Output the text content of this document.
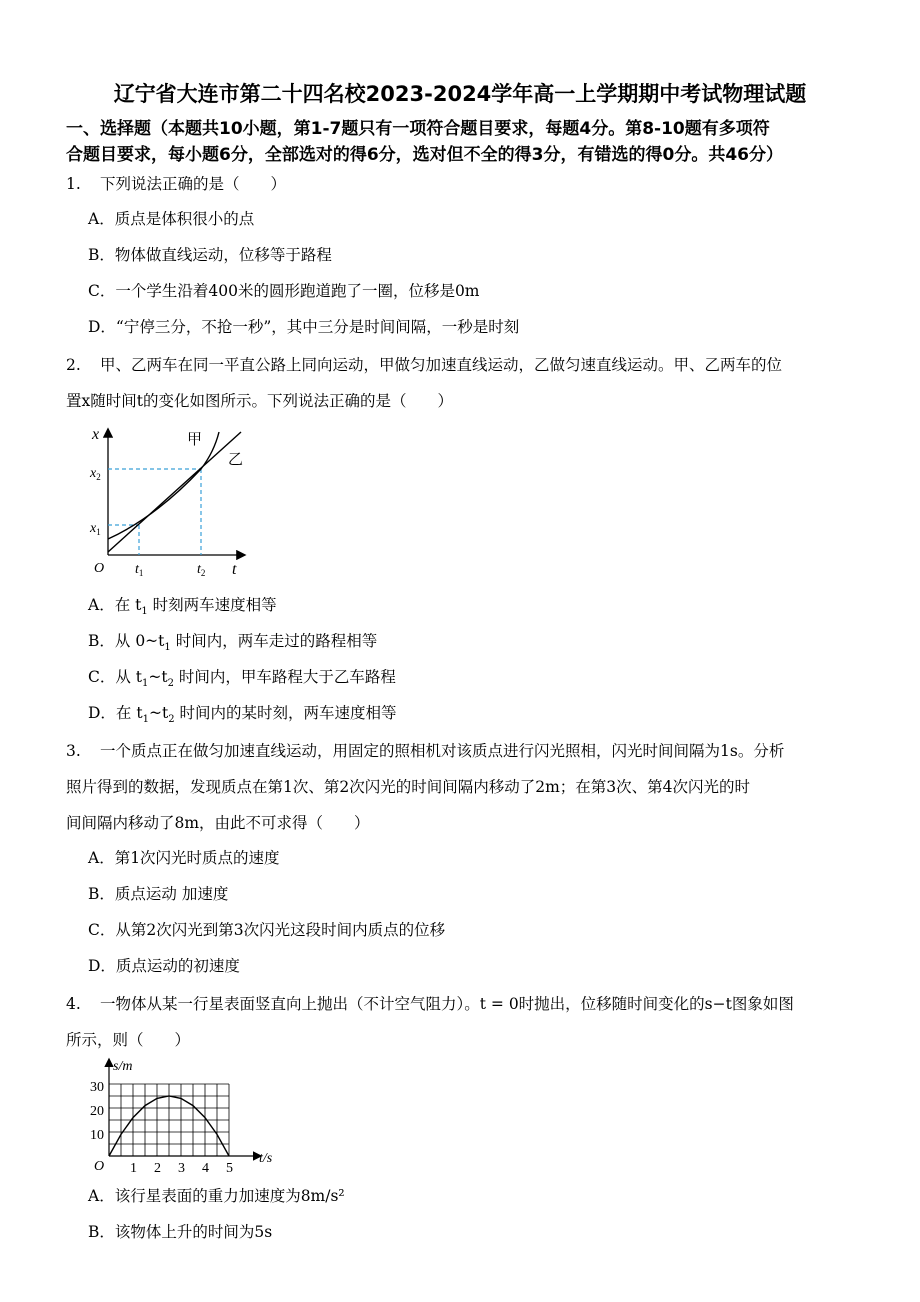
辽宁省大连市第二十四名校2023-2024学年高一上学期期中考试物理试题
一、选择题（本题共10小题，第1-7题只有一项符合题目要求，每题4分。第8-10题有多项符
合题目要求，每小题6分，全部选对的得6分，选对但不全的得3分，有错选的得0分。共46分）
1. 下列说法正确的是（　　）
A．质点是体积很小的点
B．物体做直线运动，位移等于路程
C．一个学生沿着400米的圆形跑道跑了一圈，位移是0m
D．“宁停三分，不抢一秒”，其中三分是时间间隔，一秒是时刻
2. 甲、乙两车在同一平直公路上同向运动，甲做匀加速直线运动，乙做匀速直线运动。甲、乙两车的位
置x随时间t的变化如图所示。下列说法正确的是（　　）
x
t
O
$x_2$
$x_1$
$t_1$	$t_2$
甲
乙
A．在 $t_1$ 时刻两车速度相等
B．从 $0\sim t_1$ 时间内，两车走过的路程相等
C．从 $t_1\sim t_2$ 时间内，甲车路程大于乙车路程
D．在 $t_1\sim t_2$ 时间内的某时刻，两车速度相等
3. 一个质点正在做匀加速直线运动，用固定的照相机对该质点进行闪光照相，闪光时间间隔为1s。分析
照片得到的数据，发现质点在第1次、第2次闪光的时间间隔内移动了2m；在第3次、第4次闪光的时
间间隔内移动了8m，由此不可求得（　　）
A．第1次闪光时质点的速度
B．质点运动 加速度
C．从第2次闪光到第3次闪光这段时间内质点的位移
D．质点运动的初速度
4. 一物体从某一行星表面竖直向上抛出（不计空气阻力）。t = 0时抛出，位移随时间变化的s−t图象如图
所示，则（　　）
s/m
t/s
O
10
20
30
1 2 3 4 5
A．该行星表面的重力加速度为8m/s²
B．该物体上升的时间为5s
